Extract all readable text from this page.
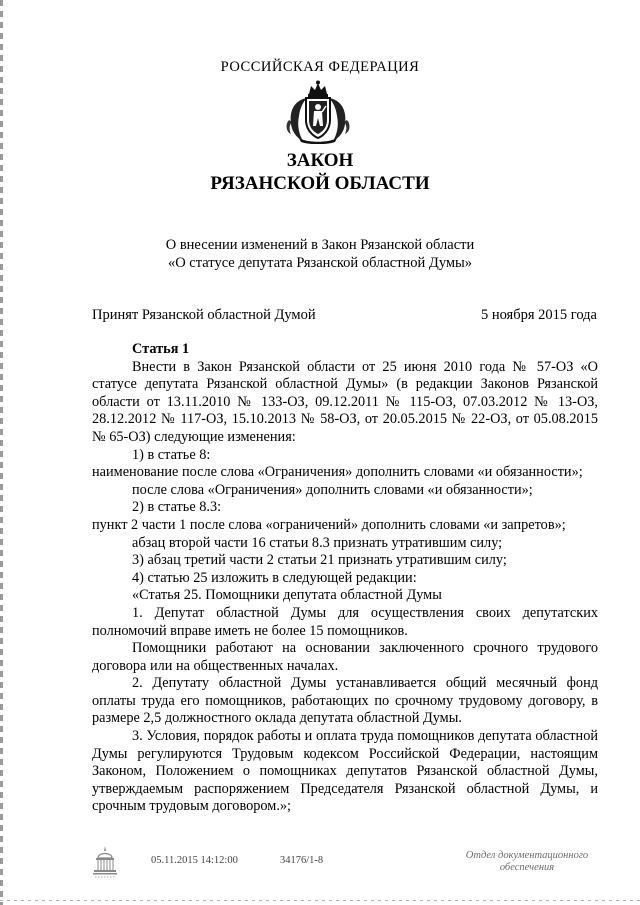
РОССИЙСКАЯ ФЕДЕРАЦИЯ
ЗАКОН
РЯЗАНСКОЙ ОБЛАСТИ
О внесении изменений в Закон Рязанской области
«О статусе депутата Рязанской областной Думы»
Принят Рязанской областной Думой	5 ноября 2015 года

Статья 1

Внести в Закон Рязанской области от 25 июня 2010 года № 57-ОЗ «О статусе депутата Рязанской областной Думы» (в редакции Законов Рязанской области от 13.11.2010 № 133-ОЗ, 09.12.2011 № 115-ОЗ, 07.03.2012 № 13-ОЗ, 28.12.2012 № 117-ОЗ, 15.10.2013 № 58-ОЗ, от 20.05.2015 № 22-ОЗ, от 05.08.2015 № 65-ОЗ) следующие изменения:

1) в статье 8:

наименование после слова «Ограничения» дополнить словами «и обязанности»;

после слова «Ограничения» дополнить словами «и обязанности»;

2) в статье 8.3:

пункт 2 части 1 после слова «ограничений» дополнить словами «и запретов»;

абзац второй части 16 статьи 8.3 признать утратившим силу;

3) абзац третий части 2 статьи 21 признать утратившим силу;

4) статью 25 изложить в следующей редакции:

«Статья 25. Помощники депутата областной Думы

1. Депутат областной Думы для осуществления своих депутатских полномочий вправе иметь не более 15 помощников.

Помощники работают на основании заключенного срочного трудового договора или на общественных началах.

2. Депутату областной Думы устанавливается общий месячный фонд оплаты труда его помощников, работающих по срочному трудовому договору, в размере 2,5 должностного оклада депутата областной Думы.

3. Условия, порядок работы и оплата труда помощников депутата областной Думы регулируются Трудовым кодексом Российской Федерации, настоящим Законом, Положением о помощниках депутатов Рязанской областной Думы, утверждаемым распоряжением Председателя Рязанской областной Думы, и срочным трудовым договором.»;

05.11.2015 14:12:00	34176/1-8	Отдел документационного
обеспечения
